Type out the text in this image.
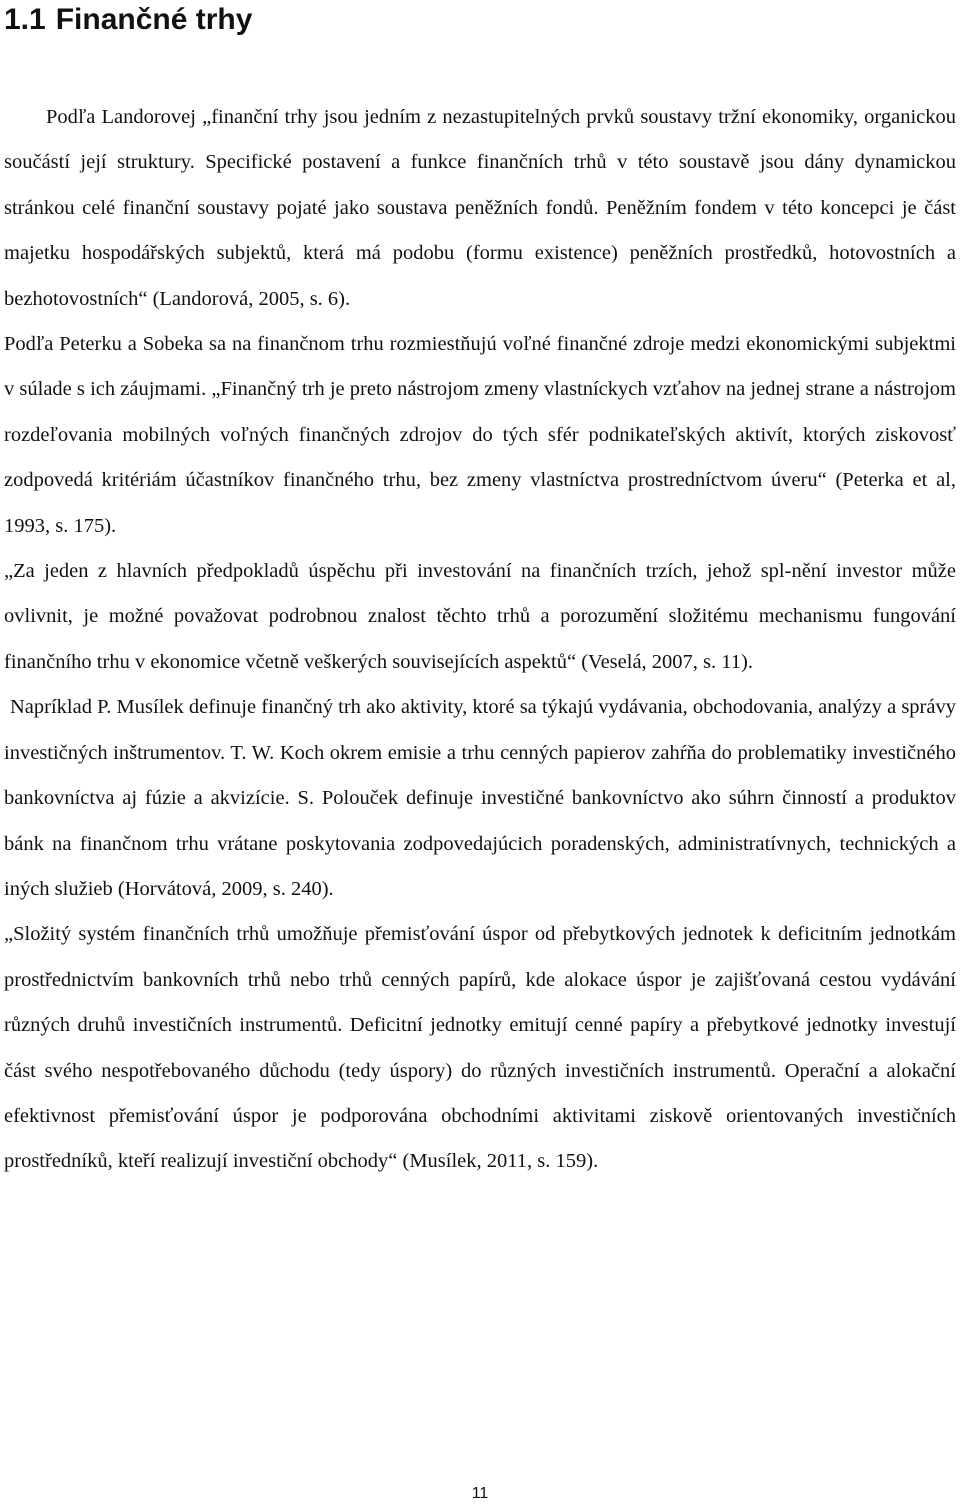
1.1 Finančné trhy

Podľa Landorovej „finanční trhy jsou jedním z nezastupitelných prvků soustavy tržní ekonomiky, organickou součástí její struktury. Specifické postavení a funkce finančních trhů v této soustavě jsou dány dynamickou stránkou celé finanční soustavy pojaté jako soustava peněžních fondů. Peněžním fondem v této koncepci je část majetku hospodářských subjektů, která má podobu (formu existence) peněžních prostředků, hotovostních a bezhotovostních“ (Landorová, 2005, s. 6).

Podľa Peterku a Sobeka sa na finančnom trhu rozmiestňujú voľné finančné zdroje medzi ekonomickými subjektmi v súlade s ich záujmami. „Finančný trh je preto nástrojom zmeny vlastníckych vzťahov na jednej strane a nástrojom rozdeľovania mobilných voľných finančných zdrojov do tých sfér podnikateľských aktivít, ktorých ziskovosť zodpovedá kritériám účastníkov finančného trhu, bez zmeny vlastníctva prostredníctvom úveru“ (Peterka et al, 1993, s. 175).

„Za jeden z hlavních předpokladů úspěchu při investování na finančních trzích, jehož spl-nění investor může ovlivnit, je možné považovat podrobnou znalost těchto trhů a porozumění složitému mechanismu fungování finančního trhu v ekonomice včetně veškerých souvisejících aspektů“ (Veselá, 2007, s. 11).

Napríklad P. Musílek definuje finančný trh ako aktivity, ktoré sa týkajú vydávania, obchodovania, analýzy a správy investičných inštrumentov. T. W. Koch okrem emisie a trhu cenných papierov zahŕňa do problematiky investičného bankovníctva aj fúzie a akvizície. S. Polouček definuje investičné bankovníctvo ako súhrn činností a produktov bánk na finančnom trhu vrátane poskytovania zodpovedajúcich poradenských, administratívnych, technických a iných služieb (Horvátová, 2009, s. 240).

„Složitý systém finančních trhů umožňuje přemisťování úspor od přebytkových jednotek k deficitním jednotkám prostřednictvím bankovních trhů nebo trhů cenných papírů, kde alokace úspor je zajišťovaná cestou vydávání různých druhů investičních instrumentů. Deficitní jednotky emitují cenné papíry a přebytkové jednotky investují část svého nespotřebovaného důchodu (tedy úspory) do různých investičních instrumentů. Operační a alokační efektivnost přemisťování úspor je podporována obchodními aktivitami ziskově orientovaných investičních prostředníků, kteří realizují investiční obchody“ (Musílek, 2011, s. 159).

11
